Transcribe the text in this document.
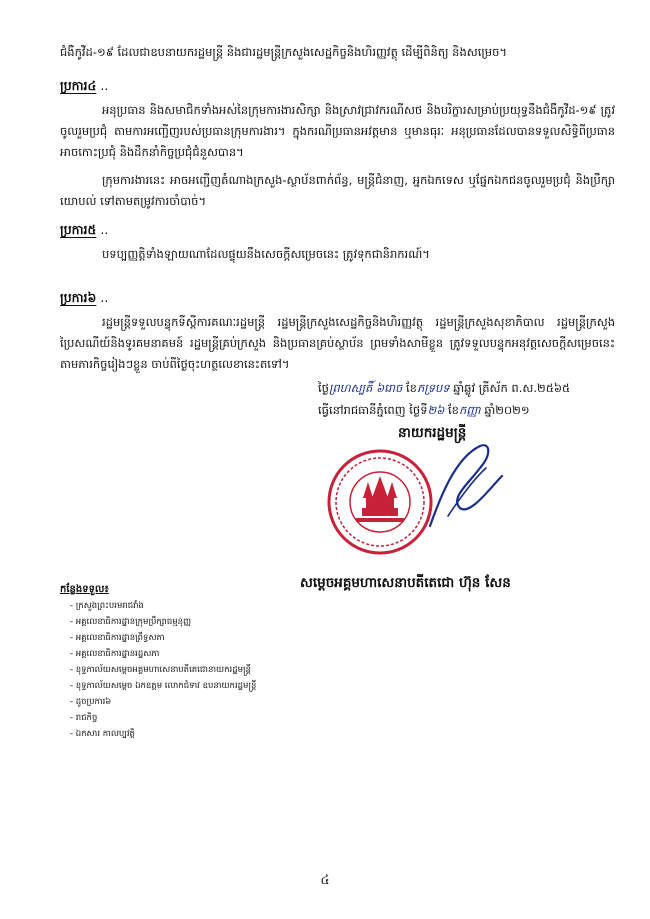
ជំងឺកូវីដ-១៩ ដែលជាឧបនាយករដ្ឋមន្ត្រី និងជារដ្ឋមន្ត្រីក្រសួងសេដ្ឋកិច្ចនិងហិរញ្ញវត្ថុ ដើម្បីពិនិត្យ និងសម្រេច។
ប្រការ៤ ..
អនុប្រធាន និងសមាជិកទាំងអស់នៃក្រុមការងារសិក្សា និងស្រាវជ្រាវករណីសថ និងបរិក្ខារសម្រាប់ប្រយុទ្ធនឹងជំងឺកូវីដ-១៩ ត្រូវចូលរួមប្រជុំ តាមការអញ្ជើញរបស់ប្រធានក្រុមការងារ។ ក្នុងករណីប្រធានអវត្តមាន ឬមានធុរៈ អនុប្រធានដែលបានទទួលសិទ្ធិពីប្រធាន អាចកោះប្រជុំ និងដឹកនាំកិច្ចប្រជុំជំនួសបាន។
ក្រុមការងារនេះ អាចអញ្ជើញតំណាងក្រសួង-ស្ថាប័នពាក់ព័ន្ធ, មន្ត្រីជំនាញ, អ្នកឯកទេស ឬផ្នែកឯកជនចូលរួមប្រជុំ និងប្រឹក្សាយោបល់ ទៅតាមតម្រូវការចាំបាច់។
ប្រការ៥ ..
បទប្បញ្ញត្តិទាំងឡាយណាដែលផ្ទុយនឹងសេចក្ដីសម្រេចនេះ ត្រូវទុកជានិរាករណ៍។
ប្រការ៦ ..
រដ្ឋមន្ត្រីទទួលបន្ទុកទីស្ដីការគណៈរដ្ឋមន្ត្រី រដ្ឋមន្ត្រីក្រសួងសេដ្ឋកិច្ចនិងហិរញ្ញវត្ថុ រដ្ឋមន្ត្រីក្រសួងសុខាភិបាល រដ្ឋមន្ត្រីក្រសួងប្រៃសណីយ៍និងទូរគមនាគមន៍ រដ្ឋមន្ត្រីគ្រប់ក្រសួង និងប្រធានគ្រប់ស្ថាប័ន ព្រមទាំងសាមីខ្លួន ត្រូវទទួលបន្ទុកអនុវត្តសេចក្ដីសម្រេចនេះ តាមភារកិច្ចរៀងៗខ្លួន ចាប់ពីថ្ងៃចុះហត្ថលេខានេះតទៅ។
ថ្ងៃព្រហស្បតិ៍ ៦រោច ខែភទ្របទ ឆ្នាំឆ្លូវ ត្រីស័ក ព.ស.២៥៦៥
ធ្វើនៅរាជធានីភ្នំពេញ ថ្ងៃទី២៦ ខែកញ្ញា ឆ្នាំ២០២១
នាយករដ្ឋមន្ត្រី
សម្ដេចអគ្គមហាសេនាបតីតេជោ ហ៊ុន សែន
កន្លែងទទួល៖
- ក្រសួងព្រះបរមរាជវាំង
- អគ្គលេខាធិការដ្ឋានក្រុមប្រឹក្សាធម្មនុញ្ញ
- អគ្គលេខាធិការដ្ឋានព្រឹទ្ធសភា
- អគ្គលេខាធិការដ្ឋានរដ្ឋសភា
- ខុទ្ទកាល័យសម្ដេចអគ្គមហាសេនាបតីតេជោនាយករដ្ឋមន្ត្រី
- ខុទ្ទកាល័យសម្ដេច ឯកឧត្ដម លោកជំទាវ ឧបនាយករដ្ឋមន្ត្រី
- ដូចប្រការ៦
- រាជកិច្ច
- ឯកសារ កាលប្បវត្តិ
៤
